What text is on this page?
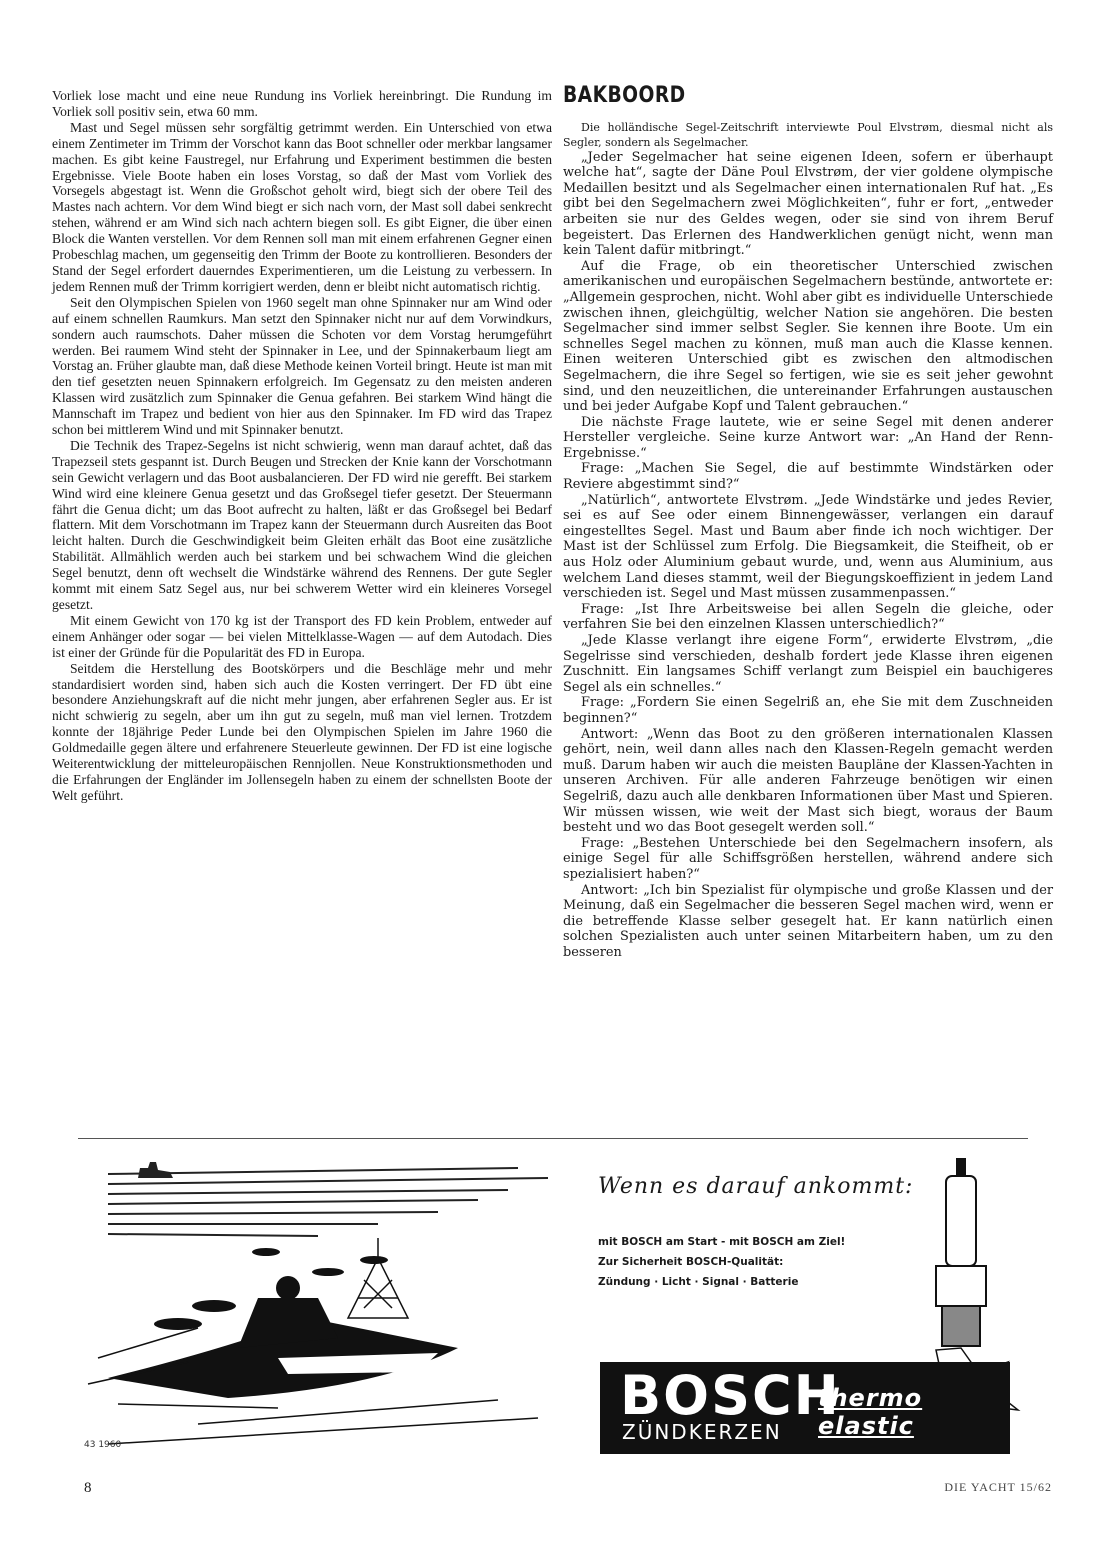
Vorliek lose macht und eine neue Rundung ins Vorliek hereinbringt. Die Rundung im Vorliek soll positiv sein, etwa 60 mm.

Mast und Segel müssen sehr sorgfältig getrimmt werden. Ein Unterschied von etwa einem Zentimeter im Trimm der Vorschot kann das Boot schneller oder merkbar langsamer machen. Es gibt keine Faustregel, nur Erfahrung und Experiment bestimmen die besten Ergebnisse. Viele Boote haben ein loses Vorstag, so daß der Mast vom Vorliek des Vorsegels abgestagt ist. Wenn die Großschot geholt wird, biegt sich der obere Teil des Mastes nach achtern. Vor dem Wind biegt er sich nach vorn, der Mast soll dabei senkrecht stehen, während er am Wind sich nach achtern biegen soll. Es gibt Eigner, die über einen Block die Wanten verstellen. Vor dem Rennen soll man mit einem erfahrenen Gegner einen Probeschlag machen, um gegenseitig den Trimm der Boote zu kontrollieren. Besonders der Stand der Segel erfordert dauerndes Experimentieren, um die Leistung zu verbessern. In jedem Rennen muß der Trimm korrigiert werden, denn er bleibt nicht automatisch richtig.

Seit den Olympischen Spielen von 1960 segelt man ohne Spinnaker nur am Wind oder auf einem schnellen Raumkurs. Man setzt den Spinnaker nicht nur auf dem Vorwindkurs, sondern auch raumschots. Daher müssen die Schoten vor dem Vorstag herumgeführt werden. Bei raumem Wind steht der Spinnaker in Lee, und der Spinnakerbaum liegt am Vorstag an. Früher glaubte man, daß diese Methode keinen Vorteil bringt. Heute ist man mit den tief gesetzten neuen Spinnakern erfolgreich. Im Gegensatz zu den meisten anderen Klassen wird zusätzlich zum Spinnaker die Genua gefahren. Bei starkem Wind hängt die Mannschaft im Trapez und bedient von hier aus den Spinnaker. Im FD wird das Trapez schon bei mittlerem Wind und mit Spinnaker benutzt.

Die Technik des Trapez-Segelns ist nicht schwierig, wenn man darauf achtet, daß das Trapezseil stets gespannt ist. Durch Beugen und Strecken der Knie kann der Vorschotmann sein Gewicht verlagern und das Boot ausbalancieren. Der FD wird nie gerefft. Bei starkem Wind wird eine kleinere Genua gesetzt und das Großsegel tiefer gesetzt. Der Steuermann fährt die Genua dicht; um das Boot aufrecht zu halten, läßt er das Großsegel bei Bedarf flattern. Mit dem Vorschotmann im Trapez kann der Steuermann durch Ausreiten das Boot leicht halten. Durch die Geschwindigkeit beim Gleiten erhält das Boot eine zusätzliche Stabilität. Allmählich werden auch bei starkem und bei schwachem Wind die gleichen Segel benutzt, denn oft wechselt die Windstärke während des Rennens. Der gute Segler kommt mit einem Satz Segel aus, nur bei schwerem Wetter wird ein kleineres Vorsegel gesetzt.

Mit einem Gewicht von 170 kg ist der Transport des FD kein Problem, entweder auf einem Anhänger oder sogar — bei vielen Mittelklasse-Wagen — auf dem Autodach. Dies ist einer der Gründe für die Popularität des FD in Europa.

Seitdem die Herstellung des Bootskörpers und die Beschläge mehr und mehr standardisiert worden sind, haben sich auch die Kosten verringert. Der FD übt eine besondere Anziehungskraft auf die nicht mehr jungen, aber erfahrenen Segler aus. Er ist nicht schwierig zu segeln, aber um ihn gut zu segeln, muß man viel lernen. Trotzdem konnte der 18jährige Peder Lunde bei den Olympischen Spielen im Jahre 1960 die Goldmedaille gegen ältere und erfahrenere Steuerleute gewinnen. Der FD ist eine logische Weiterentwicklung der mitteleuropäischen Rennjollen. Neue Konstruktionsmethoden und die Erfahrungen der Engländer im Jollensegeln haben zu einem der schnellsten Boote der Welt geführt.

BAKBOORD

Die holländische Segel-Zeitschrift interviewte Poul Elvstrøm, diesmal nicht als Segler, sondern als Segelmacher.

„Jeder Segelmacher hat seine eigenen Ideen, sofern er überhaupt welche hat“, sagte der Däne Poul Elvstrøm, der vier goldene olympische Medaillen besitzt und als Segelmacher einen internationalen Ruf hat. „Es gibt bei den Segelmachern zwei Möglichkeiten“, fuhr er fort, „entweder arbeiten sie nur des Geldes wegen, oder sie sind von ihrem Beruf begeistert. Das Erlernen des Handwerklichen genügt nicht, wenn man kein Talent dafür mitbringt.“

Auf die Frage, ob ein theoretischer Unterschied zwischen amerikanischen und europäischen Segelmachern bestünde, antwortete er: „Allgemein gesprochen, nicht. Wohl aber gibt es individuelle Unterschiede zwischen ihnen, gleichgültig, welcher Nation sie angehören. Die besten Segelmacher sind immer selbst Segler. Sie kennen ihre Boote. Um ein schnelles Segel machen zu können, muß man auch die Klasse kennen. Einen weiteren Unterschied gibt es zwischen den altmodischen Segelmachern, die ihre Segel so fertigen, wie sie es seit jeher gewohnt sind, und den neuzeitlichen, die untereinander Erfahrungen austauschen und bei jeder Aufgabe Kopf und Talent gebrauchen.“

Die nächste Frage lautete, wie er seine Segel mit denen anderer Hersteller vergleiche. Seine kurze Antwort war: „An Hand der Renn-Ergebnisse.“

Frage: „Machen Sie Segel, die auf bestimmte Windstärken oder Reviere abgestimmt sind?“

„Natürlich“, antwortete Elvstrøm. „Jede Windstärke und jedes Revier, sei es auf See oder einem Binnengewässer, verlangen ein darauf eingestelltes Segel. Mast und Baum aber finde ich noch wichtiger. Der Mast ist der Schlüssel zum Erfolg. Die Biegsamkeit, die Steifheit, ob er aus Holz oder Aluminium gebaut wurde, und, wenn aus Aluminium, aus welchem Land dieses stammt, weil der Biegungskoeffizient in jedem Land verschieden ist. Segel und Mast müssen zusammenpassen.“

Frage: „Ist Ihre Arbeitsweise bei allen Segeln die gleiche, oder verfahren Sie bei den einzelnen Klassen unterschiedlich?“

„Jede Klasse verlangt ihre eigene Form“, erwiderte Elvstrøm, „die Segelrisse sind verschieden, deshalb fordert jede Klasse ihren eigenen Zuschnitt. Ein langsames Schiff verlangt zum Beispiel ein bauchigeres Segel als ein schnelles.“

Frage: „Fordern Sie einen Segelriß an, ehe Sie mit dem Zuschneiden beginnen?“

Antwort: „Wenn das Boot zu den größeren internationalen Klassen gehört, nein, weil dann alles nach den Klassen-Regeln gemacht werden muß. Darum haben wir auch die meisten Baupläne der Klassen-Yachten in unseren Archiven. Für alle anderen Fahrzeuge benötigen wir einen Segelriß, dazu auch alle denkbaren Informationen über Mast und Spieren. Wir müssen wissen, wie weit der Mast sich biegt, woraus der Baum besteht und wo das Boot gesegelt werden soll.“

Frage: „Bestehen Unterschiede bei den Segelmachern insofern, als einige Segel für alle Schiffsgrößen herstellen, während andere sich spezialisiert haben?“

Antwort: „Ich bin Spezialist für olympische und große Klassen und der Meinung, daß ein Segelmacher die besseren Segel machen wird, wenn er die betreffende Klasse selber gesegelt hat. Er kann natürlich einen solchen Spezialisten auch unter seinen Mitarbeitern haben, um zu den besseren

Wenn es darauf ankommt:
mit BOSCH am Start - mit BOSCH am Ziel!
Zur Sicherheit BOSCH-Qualität:
Zündung · Licht · Signal · Batterie
BOSCH
ZÜNDKERZEN
thermo elastic
43 1960
8	DIE YACHT 15/62
